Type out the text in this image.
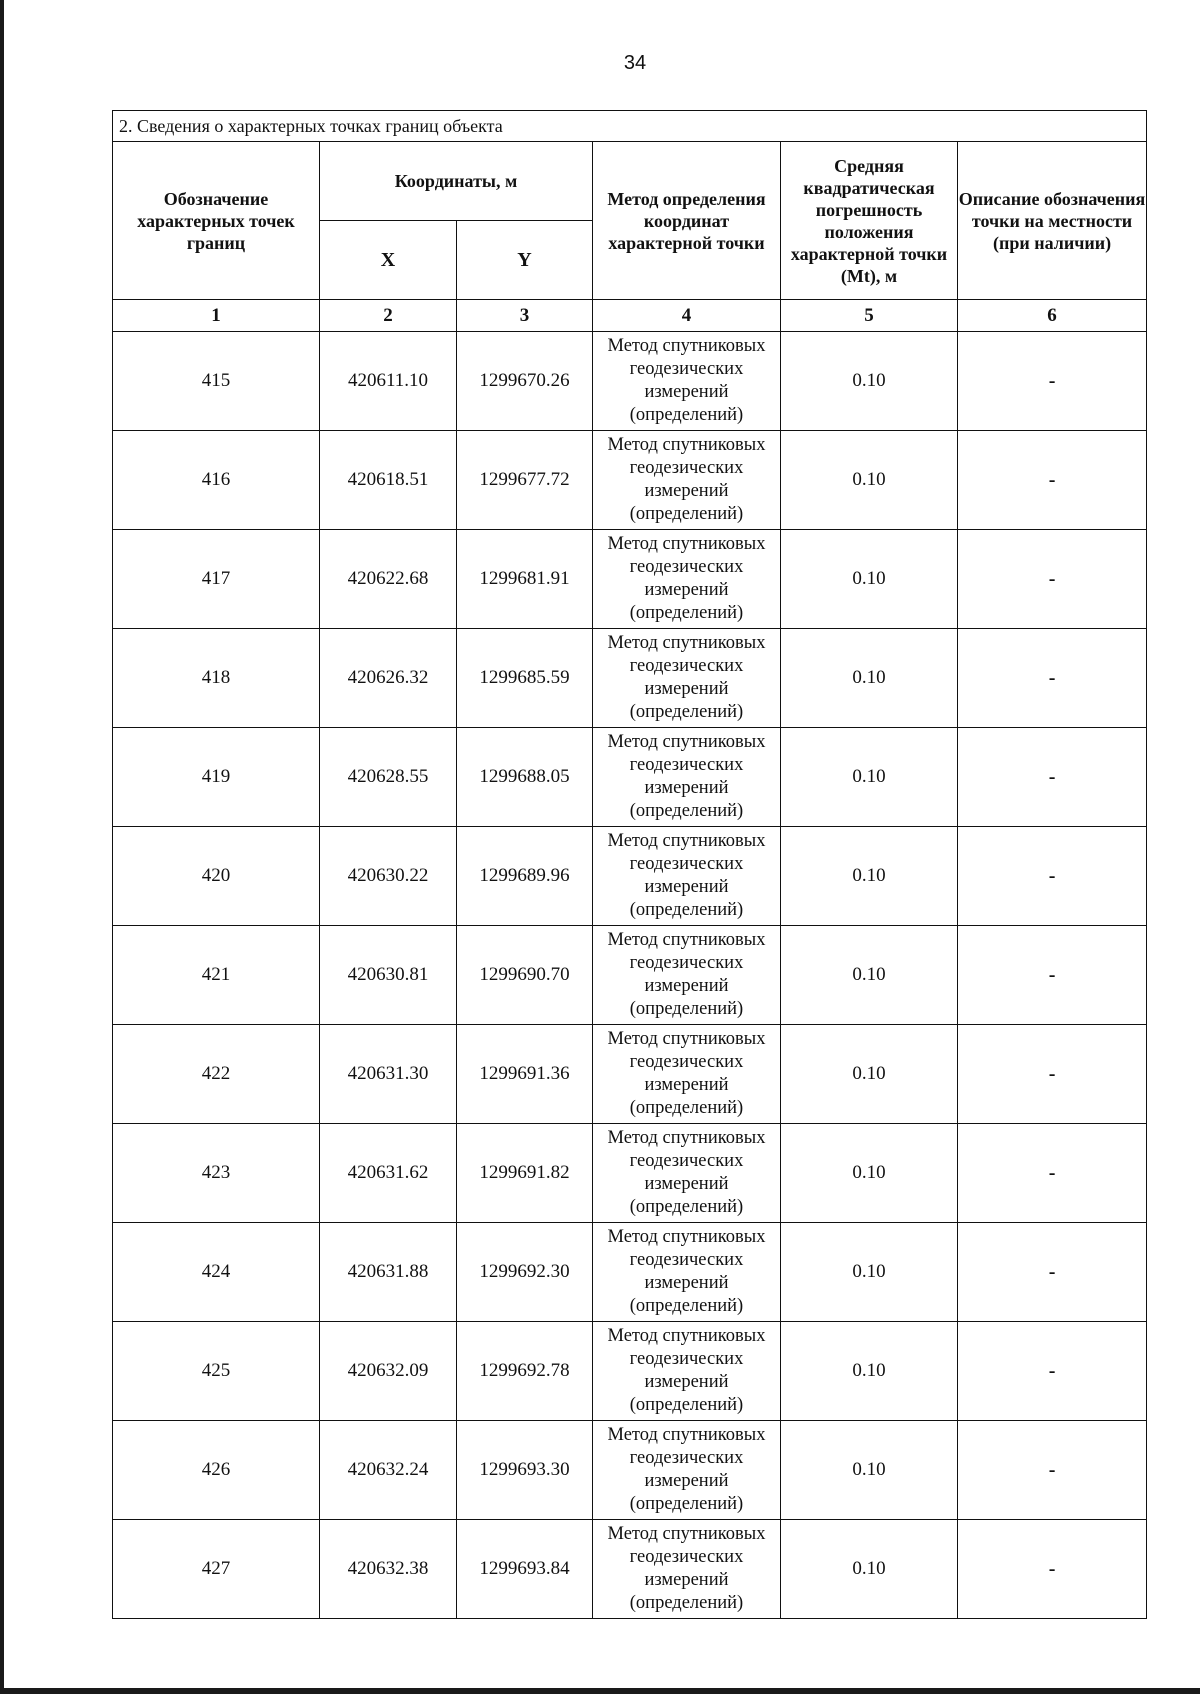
34
2. Сведения о характерных точках границ объекта					
Обозначение характерных точек границ	Координаты, м		Метод определения координат характерной точки	Средняя квадратическая погрешность положения характерной точки (Mt), м	Описание обозначения точки на местности (при наличии)
	X	Y			
1	2	3	4	5	6
415	420611.10	1299670.26	Метод спутниковых геодезических измерений (определений)	0.10	-
416	420618.51	1299677.72	Метод спутниковых геодезических измерений (определений)	0.10	-
417	420622.68	1299681.91	Метод спутниковых геодезических измерений (определений)	0.10	-
418	420626.32	1299685.59	Метод спутниковых геодезических измерений (определений)	0.10	-
419	420628.55	1299688.05	Метод спутниковых геодезических измерений (определений)	0.10	-
420	420630.22	1299689.96	Метод спутниковых геодезических измерений (определений)	0.10	-
421	420630.81	1299690.70	Метод спутниковых геодезических измерений (определений)	0.10	-
422	420631.30	1299691.36	Метод спутниковых геодезических измерений (определений)	0.10	-
423	420631.62	1299691.82	Метод спутниковых геодезических измерений (определений)	0.10	-
424	420631.88	1299692.30	Метод спутниковых геодезических измерений (определений)	0.10	-
425	420632.09	1299692.78	Метод спутниковых геодезических измерений (определений)	0.10	-
426	420632.24	1299693.30	Метод спутниковых геодезических измерений (определений)	0.10	-
427	420632.38	1299693.84	Метод спутниковых геодезических измерений (определений)	0.10	-
